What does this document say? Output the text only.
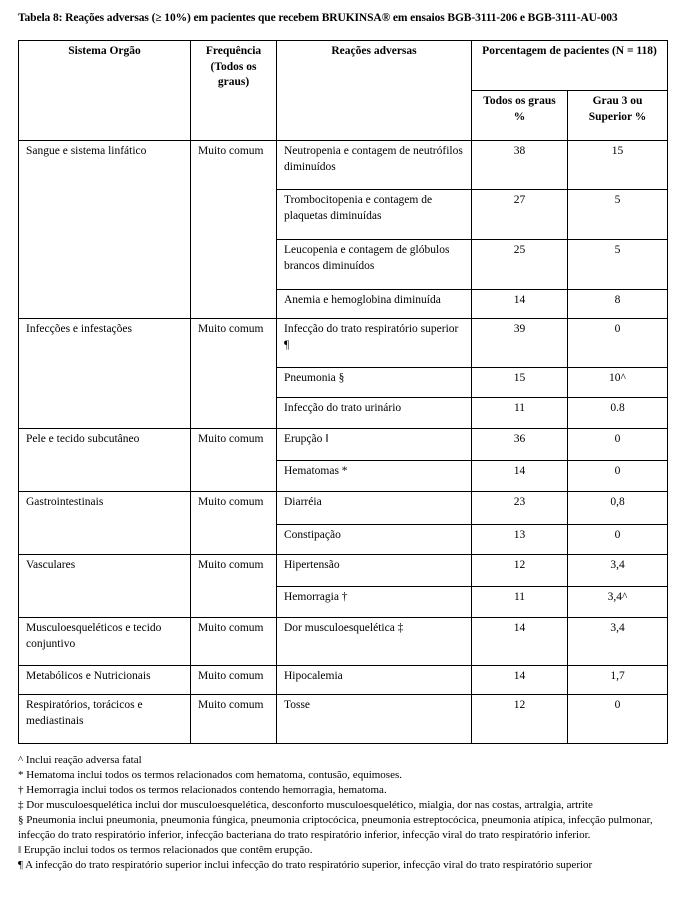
Tabela 8: Reações adversas (≥ 10%) em pacientes que recebem BRUKINSA® em ensaios BGB-3111-206 e BGB-3111-AU-003
Sistema Orgão	Frequência (Todos os graus)	Reações adversas	Porcentagem de pacientes (N = 118)	
			Todos os graus %	Grau 3 ou Superior %
Sangue e sistema linfático	Muito comum	Neutropenia e contagem de neutrófilos diminuídos	38	15
		Trombocitopenia e contagem de plaquetas diminuídas	27	5
		Leucopenia e contagem de glóbulos brancos diminuídos	25	5
		Anemia e hemoglobina diminuída	14	8
Infecções e infestações	Muito comum	Infecção do trato respiratório superior ¶	39	0
		Pneumonia §	15	10^
		Infecção do trato urinário	11	0.8
Pele e tecido subcutâneo	Muito comum	Erupção ‖	36	0
		Hematomas *	14	0
Gastrointestinais	Muito comum	Diarréia	23	0,8
		Constipação	13	0
Vasculares	Muito comum	Hipertensão	12	3,4
		Hemorragia †	11	3,4^
Musculoesqueléticos e tecido conjuntivo	Muito comum	Dor musculoesquelética ‡	14	3,4
Metabólicos e Nutricionais	Muito comum	Hipocalemia	14	1,7
Respiratórios, torácicos e mediastinais	Muito comum	Tosse	12	0
^ Inclui reação adversa fatal
* Hematoma inclui todos os termos relacionados com hematoma, contusão, equimoses.
† Hemorragia inclui todos os termos relacionados contendo hemorragia, hematoma.
‡ Dor musculoesquelética inclui dor musculoesquelética, desconforto musculoesquelético, mialgia, dor nas costas, artralgia, artrite
§ Pneumonia inclui pneumonia, pneumonia fúngica, pneumonia criptocócica, pneumonia estreptocócica, pneumonia atípica, infecção pulmonar, infecção do trato respiratório inferior, infecção bacteriana do trato respiratório inferior, infecção viral do trato respiratório inferior.
‖ Erupção inclui todos os termos relacionados que contêm erupção.
¶ A infecção do trato respiratório superior inclui infecção do trato respiratório superior, infecção viral do trato respiratório superior
